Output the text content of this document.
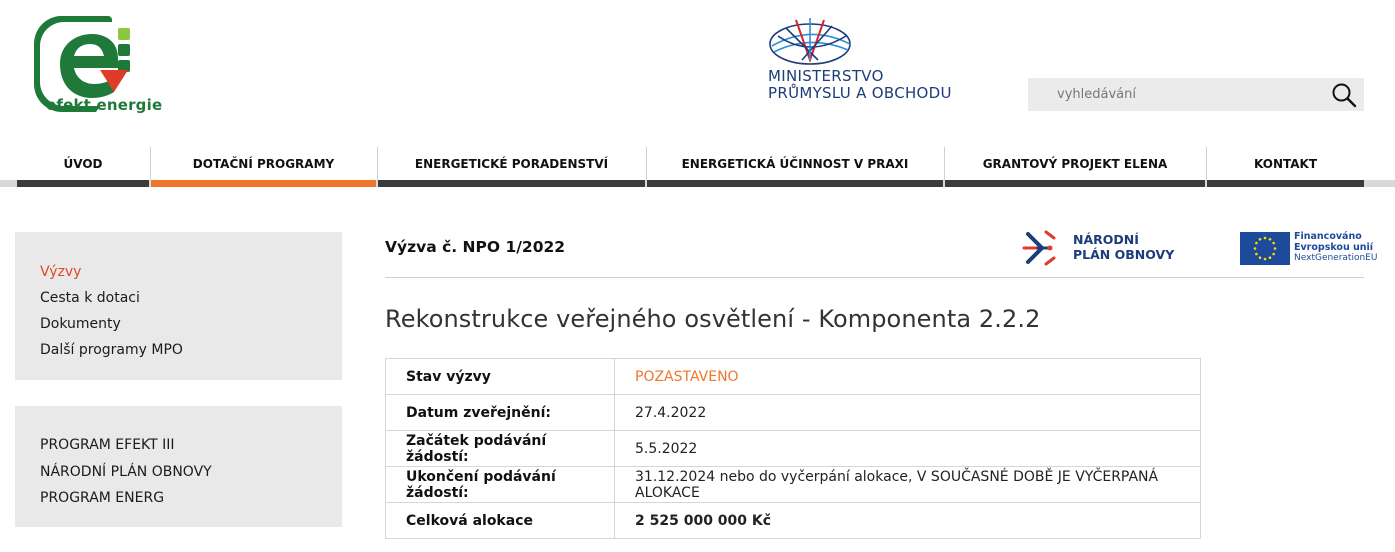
efekt energie
MINISTERSTVO
PRŮMYSLU A OBCHODU
vyhledávání
ÚVOD	DOTAČNÍ PROGRAMY	ENERGETICKÉ PORADENSTVÍ	ENERGETICKÁ ÚČINNOST V PRAXI	GRANTOVÝ PROJEKT ELENA	KONTAKT
Výzvy
Cesta k dotaci
Dokumenty
Další programy MPO
PROGRAM EFEKT III
NÁRODNÍ PLÁN OBNOVY
PROGRAM ENERG
Výzva č. NPO 1/2022	NÁRODNÍ
PLÁN OBNOVY
Financováno
Evropskou unií
NextGenerationEU
Rekonstrukce veřejného osvětlení - Komponenta 2.2.2
Stav výzvy	POZASTAVENO
Datum zveřejnění:	27.4.2022
Začátek podávání žádostí:	5.5.2022
Ukončení podávání žádostí:	31.12.2024 nebo do vyčerpání alokace, V SOUČASNÉ DOBĚ JE VYČERPANÁ ALOKACE
Celková alokace	2 525 000 000 Kč
